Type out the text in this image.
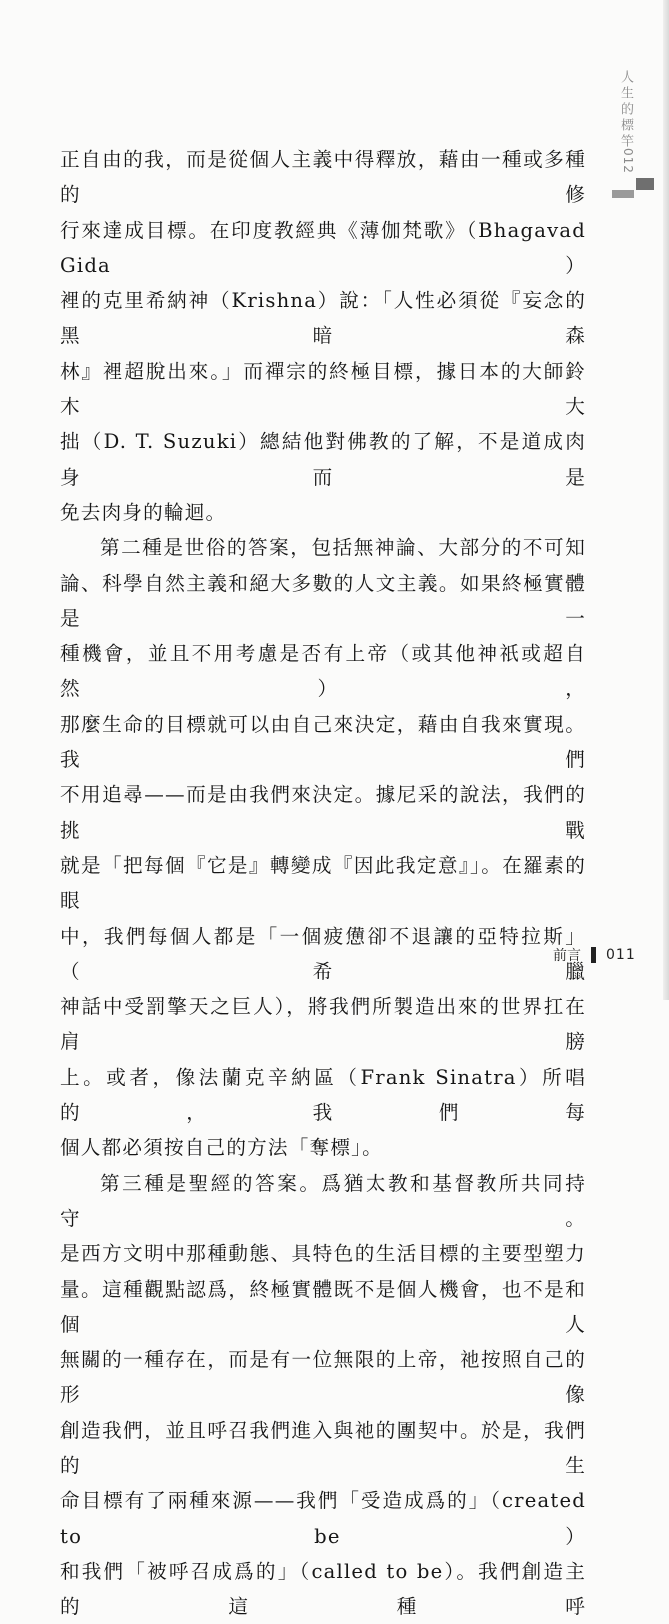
人生的標竿
012

正自由的我，而是從個人主義中得釋放，藉由一種或多種的修

行來達成目標。在印度教經典《薄伽梵歌》（Bhagavad Gida）

裡的克里希納神（Krishna）說：「人性必須從『妄念的黑暗森

林』裡超脫出來。」而禪宗的終極目標，據日本的大師鈴木大

拙（D. T. Suzuki）總結他對佛教的了解，不是道成肉身而是

免去肉身的輪迴。

第二種是世俗的答案，包括無神論、大部分的不可知

論、科學自然主義和絕大多數的人文主義。如果終極實體是一

種機會，並且不用考慮是否有上帝（或其他神祇或超自然），

那麼生命的目標就可以由自己來決定，藉由自我來實現。我們

不用追尋——而是由我們來決定。據尼采的說法，我們的挑戰

就是「把每個『它是』轉變成『因此我定意』」。在羅素的眼

中，我們每個人都是「一個疲憊卻不退讓的亞特拉斯」（希臘

神話中受罰擎天之巨人），將我們所製造出來的世界扛在肩膀

上。或者，像法蘭克辛納區（Frank Sinatra）所唱的，我們每

個人都必須按自己的方法「奪標」。

第三種是聖經的答案。爲猶太教和基督教所共同持守。

是西方文明中那種動態、具特色的生活目標的主要型塑力

量。這種觀點認爲，終極實體既不是個人機會，也不是和個人

無關的一種存在，而是有一位無限的上帝，祂按照自己的形像

創造我們，並且呼召我們進入與祂的團契中。於是，我們的生

命目標有了兩種來源——我們「受造成爲的」（created to be）

和我們「被呼召成爲的」（called to be）。我們創造主的這種呼

前言 011
